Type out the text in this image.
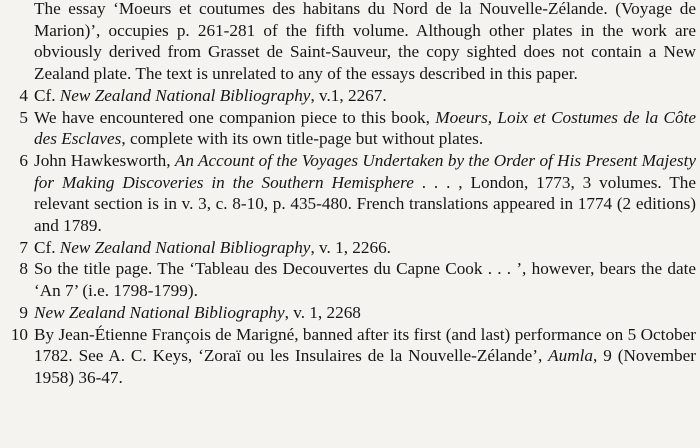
The essay ‘Moeurs et coutumes des habitans du Nord de la Nouvelle-Zélande. (Voyage de Marion)’, occupies p. 261-281 of the fifth volume. Although other plates in the work are obviously derived from Grasset de Saint-Sauveur, the copy sighted does not contain a New Zealand plate. The text is unrelated to any of the essays described in this paper.
4 Cf. New Zealand National Bibliography, v.1, 2267.
5 We have encountered one companion piece to this book, Moeurs, Loix et Costumes de la Côte des Esclaves, complete with its own title-page but without plates.
6 John Hawkesworth, An Account of the Voyages Undertaken by the Order of His Present Majesty for Making Discoveries in the Southern Hemisphere . . . , London, 1773, 3 volumes. The relevant section is in v. 3, c. 8-10, p. 435-480. French translations appeared in 1774 (2 editions) and 1789.
7 Cf. New Zealand National Bibliography, v. 1, 2266.
8 So the title page. The ‘Tableau des Decouvertes du Capne Cook . . . ’, however, bears the date ‘An 7’ (i.e. 1798-1799).
9 New Zealand National Bibliography, v. 1, 2268
10 By Jean-Étienne François de Marigné, banned after its first (and last) performance on 5 October 1782. See A. C. Keys, ‘Zoraï ou les Insulaires de la Nouvelle-Zélande’, Aumla, 9 (November 1958) 36-47.
